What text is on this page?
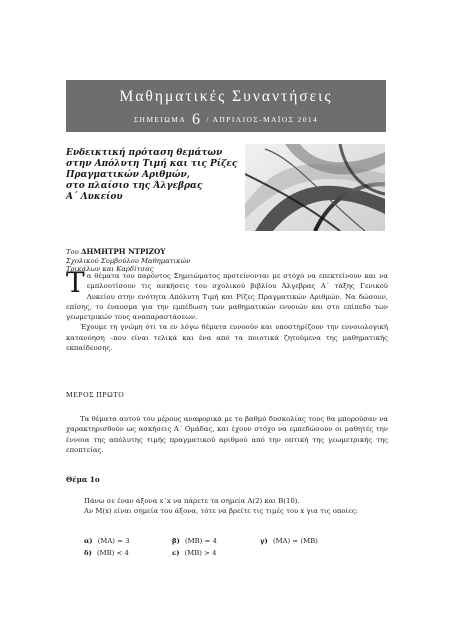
Μαθηματικές Συναντήσεις
ΣΗΜΕΙΩΜΑ 6 / ΑΠΡΙΛΙΟΣ-ΜΑΪΟΣ 2014
Ενδεικτική πρόταση θεμάτων
στην Απόλυτη Τιμή και τις Ρίζες
Πραγματικών Αριθμών,
στο πλαίσιο της Άλγεβρας
Α΄ Λυκείου
Του ΔΗΜΗΤΡΗ ΝΤΡΙΖΟΥ
Σχολικού Συμβούλου Μαθηματικών
Τρικάλων και Καρδίτσας
Τ α θέματα του παρόντος Σημειώματος προτείνονται με στόχο να επεκτείνουν και να εμπλουτίσουν τις ασκήσεις του σχολικού βιβλίου Άλγεβρας Α΄ τάξης Γενικού Λυκείου στην ενότητα Απόλυτη Τιμή και Ρίζες Πραγματικών Αριθμών. Να δώσουν, επίσης, το έναυσμα για την εμπέδωση των μαθηματικών εννοιών και στο επίπεδο των γεωμετρικών τους αναπαραστάσεων.
Έχουμε τη γνώμη ότι τα εν λόγω θέματα ευνοούν και υποστηρίζουν την εννοιολογική κατανόηση –που είναι τελικά και ένα από τα ποιοτικά ζητούμενα της μαθηματικής εκπαίδευσης.
ΜΕΡΟΣ ΠΡΩΤΟ
Τα θέματα αυτού του μέρους αναφορικά με το βαθμό δυσκολίας τους θα μπορούσαν να χαρακτηρισθούν ως ασκήσεις Α΄ Ομάδας, και έχουν στόχο να εμπεδώσουν οι μαθητές την έννοια της απόλυτης τιμής πραγματικού αριθμού από την οπτική της γεωμετρικής της εποπτείας.
Θέμα 1ο

Πάνω σε έναν άξονα x΄x να πάρετε τα σημεία Α(2) και Β(10).

Αν Μ(x) είναι σημεία του άξονα, τότε να βρείτε τις τιμές του x για τις οποίες:

α) (ΜΑ) = 3	β) (ΜΒ) = 4	γ) (ΜΑ) = (ΜΒ)
δ) (ΜΒ) < 4	ε) (ΜΒ) > 4
